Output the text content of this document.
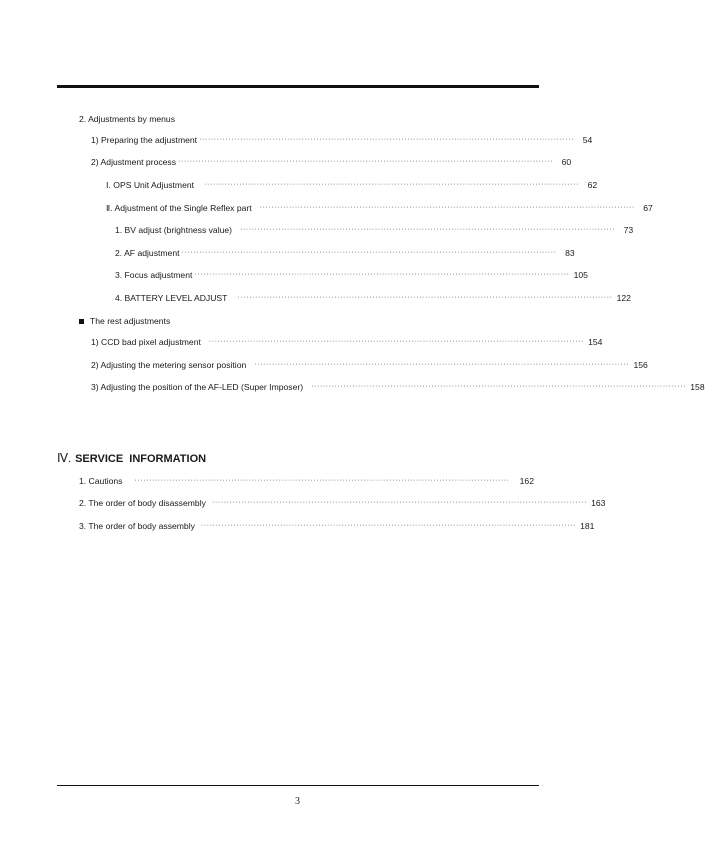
2. Adjustments by menus
1) Preparing the adjustment ································································································································ 54
2) Adjustment process ································································································································ 60
Ⅰ. OPS Unit Adjustment ································································································································ 62
Ⅱ. Adjustment of the Single Reflex part ································································································································ 67
1. BV adjust (brightness value) ································································································································ 73
2. AF adjustment ································································································································ 83
3. Focus adjustment ································································································································ 105
4. BATTERY LEVEL ADJUST ································································································································ 122
The rest adjustments
1) CCD bad pixel adjustment ································································································································ 154
2) Adjusting the metering sensor position ································································································································ 156
3) Adjusting the position of the AF-LED (Super Imposer) ································································································································ 158
Ⅳ. SERVICE  INFORMATION
1. Cautions ································································································································	162
2. The order of body disassembly ································································································································ 163
3. The order of body assembly ································································································································ 181
3
